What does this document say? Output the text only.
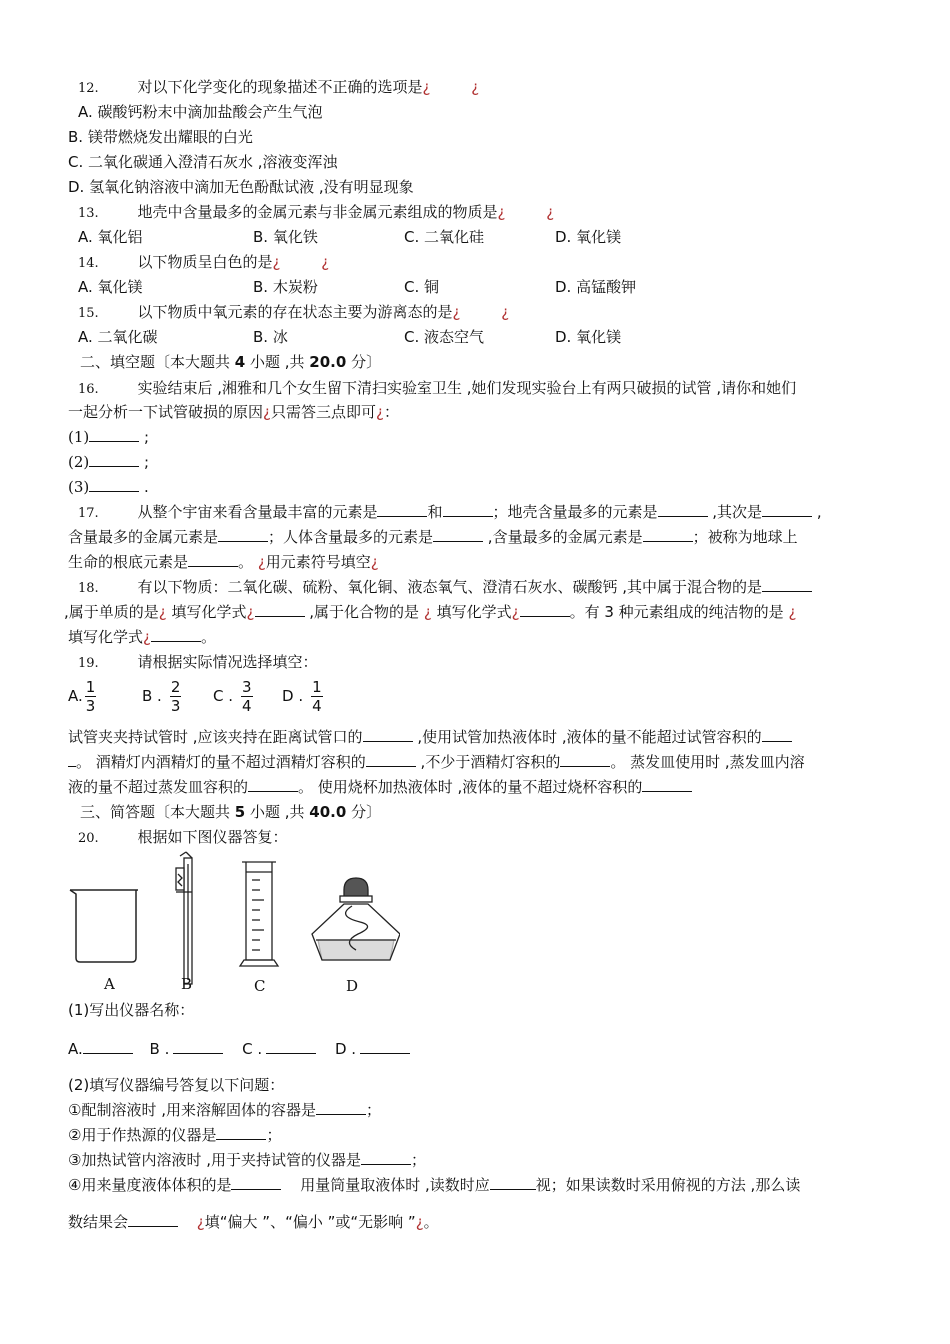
12.	对以下化学变化的现象描述不正确的选项是¿	¿
A. 碳酸钙粉末中滴加盐酸会产生气泡
B. 镁带燃烧发出耀眼的白光
C. 二氧化碳通入澄清石灰水 ,溶液变浑浊
D. 氢氧化钠溶液中滴加无色酚酞试液 ,没有明显现象
13.	地壳中含量最多的金属元素与非金属元素组成的物质是¿	¿
A. 氧化铝	B. 氧化铁	C. 二氧化硅	D. 氧化镁
14.	以下物质呈白色的是¿	¿
A. 氧化镁	B. 木炭粉	C. 铜	D. 高锰酸钾
15.	以下物质中氧元素的存在状态主要为游离态的是¿	¿
A. 二氧化碳	B. 冰	C. 液态空气	D. 氧化镁
二、填空题〔本大题共 4 小题 ,共 20.0 分〕
16.	实验结束后 ,湘雅和几个女生留下清扫实验室卫生 ,她们发现实验台上有两只破损的试管 ,请你和她们
一起分析一下试管破损的原因¿只需答三点即可¿：
(1)	;
(2)	;
(3)	.
17.	从整个宇宙来看含量最丰富的元素是	和	；地壳含量最多的元素是	,其次是	,
含量最多的金属元素是	；人体含量最多的元素是	,含量最多的金属元素是	；被称为地球上
生命的根底元素是	。 ¿用元素符号填空¿
18.	有以下物质：二氧化碳、硫粉、氧化铜、液态氧气、澄清石灰水、碳酸钙 ,其中属于混合物的是
,属于单质的是¿ 填写化学式¿	,属于化合物的是 ¿ 填写化学式¿	。有 3 种元素组成的纯洁物的是 ¿
填写化学式¿	。
19.	请根据实际情况选择填空：
A. $\frac{1}{3}$	B . $\frac{2}{3}$ C . $\frac{3}{4}$ D . $\frac{1}{4}$
试管夹夹持试管时 ,应该夹持在距离试管口的	,使用试管加热液体时 ,液体的量不能超过试管容积的
。 酒精灯内酒精灯的量不超过酒精灯容积的	,不少于酒精灯容积的	。 蒸发皿使用时 ,蒸发皿内溶
液的量不超过蒸发皿容积的	。 使用烧杯加热液体时 ,液体的量不超过烧杯容积的
三、简答题〔本大题共 5 小题 ,共 40.0 分〕
20.	根据如下图仪器答复：
A	B	C	D
(1)写出仪器名称：
A.	B .	C .	D .
(2)填写仪器编号答复以下问题：
①配制溶液时 ,用来溶解固体的容器是	；
②用于作热源的仪器是	；
③加热试管内溶液时 ,用于夹持试管的仪器是	；
④用来量度液体体积的是	用量筒量取液体时 ,读数时应	视；如果读数时采用俯视的方法 ,那么读
数结果会	¿填“偏大 ”、“偏小 ”或“无影响 ”¿。
